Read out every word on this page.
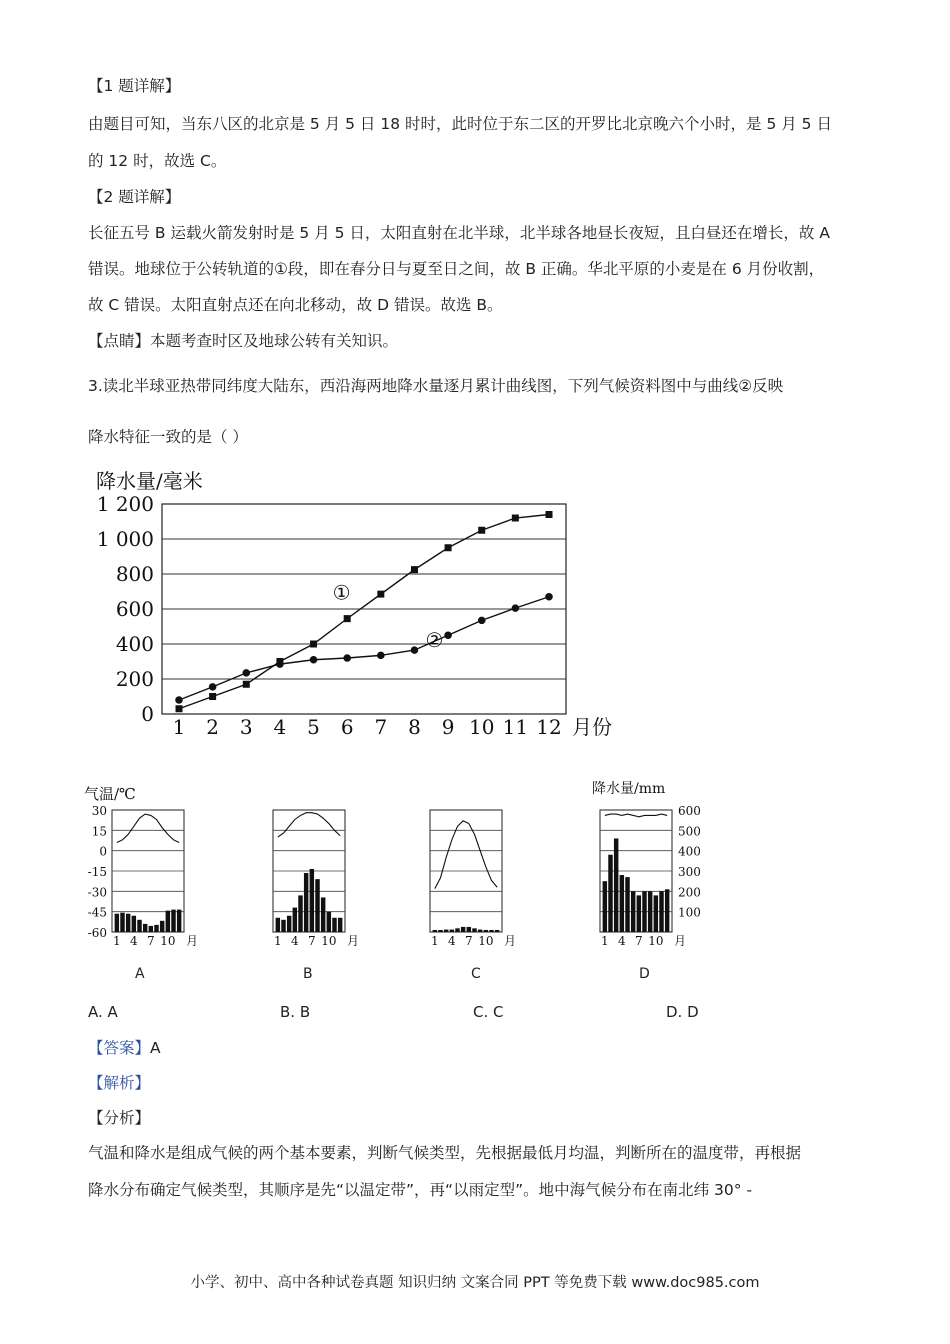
【1 题详解】
由题目可知，当东八区的北京是 5 月 5 日 18 时时，此时位于东二区的开罗比北京晚六个小时，是 5 月 5 日
的 12 时，故选 C。
【2 题详解】
长征五号 B 运载火箭发射时是 5 月 5 日，太阳直射在北半球，北半球各地昼长夜短，且白昼还在增长，故 A
错误。地球位于公转轨道的①段，即在春分日与夏至日之间，故 B 正确。华北平原的小麦是在 6 月份收割，
故 C 错误。太阳直射点还在向北移动，故 D 错误。故选 B。
【点睛】本题考查时区及地球公转有关知识。
3.读北半球亚热带同纬度大陆东，西沿海两地降水量逐月累计曲线图，下列气候资料图中与曲线②反映
降水特征一致的是（ ）
降水量/毫米
0
200
400
600
800
1 000
1 200
1 2 3 4 5 6 7 8 9 10 11 12 月份
①
②
1 4 7 10 月
气温/℃
30
15
0
-15
-30
-45
-60
1 4 7 10 月	1 4 7 10 月	1 4 7 10 月
降水量/mm
600
500
400
300
200
100
A	B	C	D
A. A	B. B	C. C	D. D
【答案】A
【解析】
【分析】
气温和降水是组成气候的两个基本要素，判断气候类型，先根据最低月均温，判断所在的温度带，再根据
降水分布确定气候类型，其顺序是先“以温定带”，再“以雨定型”。地中海气候分布在南北纬 30° -
小学、初中、高中各种试卷真题 知识归纳 文案合同 PPT 等免费下载 www.doc985.com
